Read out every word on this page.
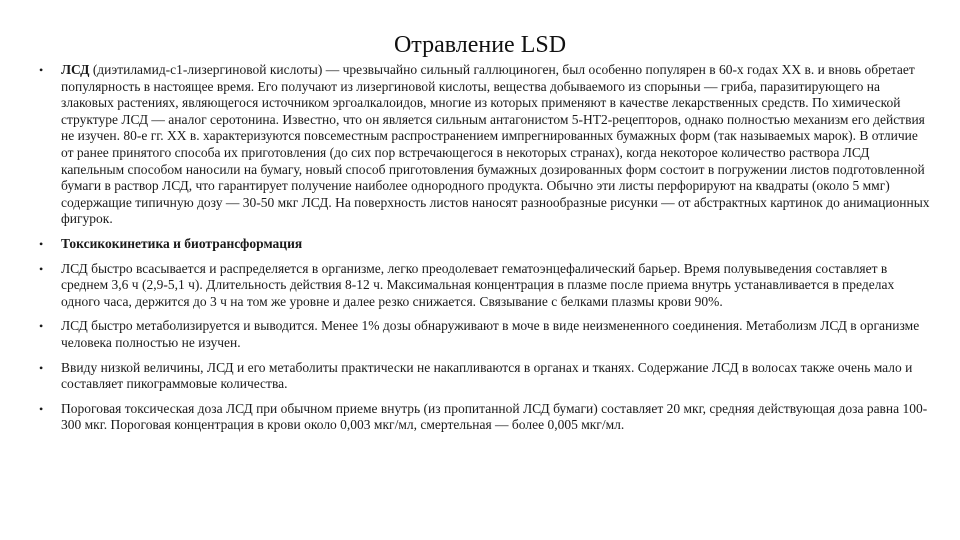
Отравление LSD
• ЛСД (диэтиламид-с1-лизергиновой кислоты) — чрезвычайно сильный галлюциноген, был особенно популярен в 60-х годах XX в. и вновь обретает популярность в настоящее время. Его получают из лизергиновой кислоты, вещества добываемого из спорыньи — гриба, паразитирующего на злаковых растениях, являющегося источником эргоалкалоидов, многие из которых применяют в качестве лекарственных средств. По химической структуре ЛСД — аналог серотонина. Известно, что он является сильным антагонистом 5-НТ2-рецепторов, однако полностью механизм его действия не изучен. 80-е гг. XX в. характеризуются повсеместным распространением импрегнированных бумажных форм (так называемых марок). В отличие от ранее принятого способа их приготовления (до сих пор встречающегося в некоторых странах), когда некоторое количество раствора ЛСД капельным способом наносили на бумагу, новый способ приготовления бумажных дозированных форм состоит в погружении листов подготовленной бумаги в раствор ЛСД, что гарантирует получение наиболее однородного продукта. Обычно эти листы перфорируют на квадраты (около 5 ммг) содержащие типичную дозу — 30-50 мкг ЛСД. На поверхность листов наносят разнообразные рисунки — от абстрактных картинок до анимационных фигурок.
• Токсикокинетика и биотрансформация
• ЛСД быстро всасывается и распределяется в организме, легко преодолевает гематоэнцефалический барьер. Время полувыведения составляет в среднем 3,6 ч (2,9-5,1 ч). Длительность действия 8-12 ч. Максимальная концентрация в плазме после приема внутрь устанавливается в пределах одного часа, держится до 3 ч на том же уровне и далее резко снижается. Связывание с белками плазмы крови 90%.
• ЛСД быстро метаболизируется и выводится. Менее 1% дозы обнаруживают в моче в виде неизмененного соединения. Метаболизм ЛСД в организме человека полностью не изучен.
• Ввиду низкой величины, ЛСД и его метаболиты практически не накапливаются в органах и тканях. Содержание ЛСД в волосах также очень мало и составляет пикограммовые количества.
• Пороговая токсическая доза ЛСД при обычном приеме внутрь (из пропитанной ЛСД бумаги) составляет 20 мкг, средняя действующая доза равна 100-300 мкг. Пороговая концентрация в крови около 0,003 мкг/мл, смертельная — более 0,005 мкг/мл.
